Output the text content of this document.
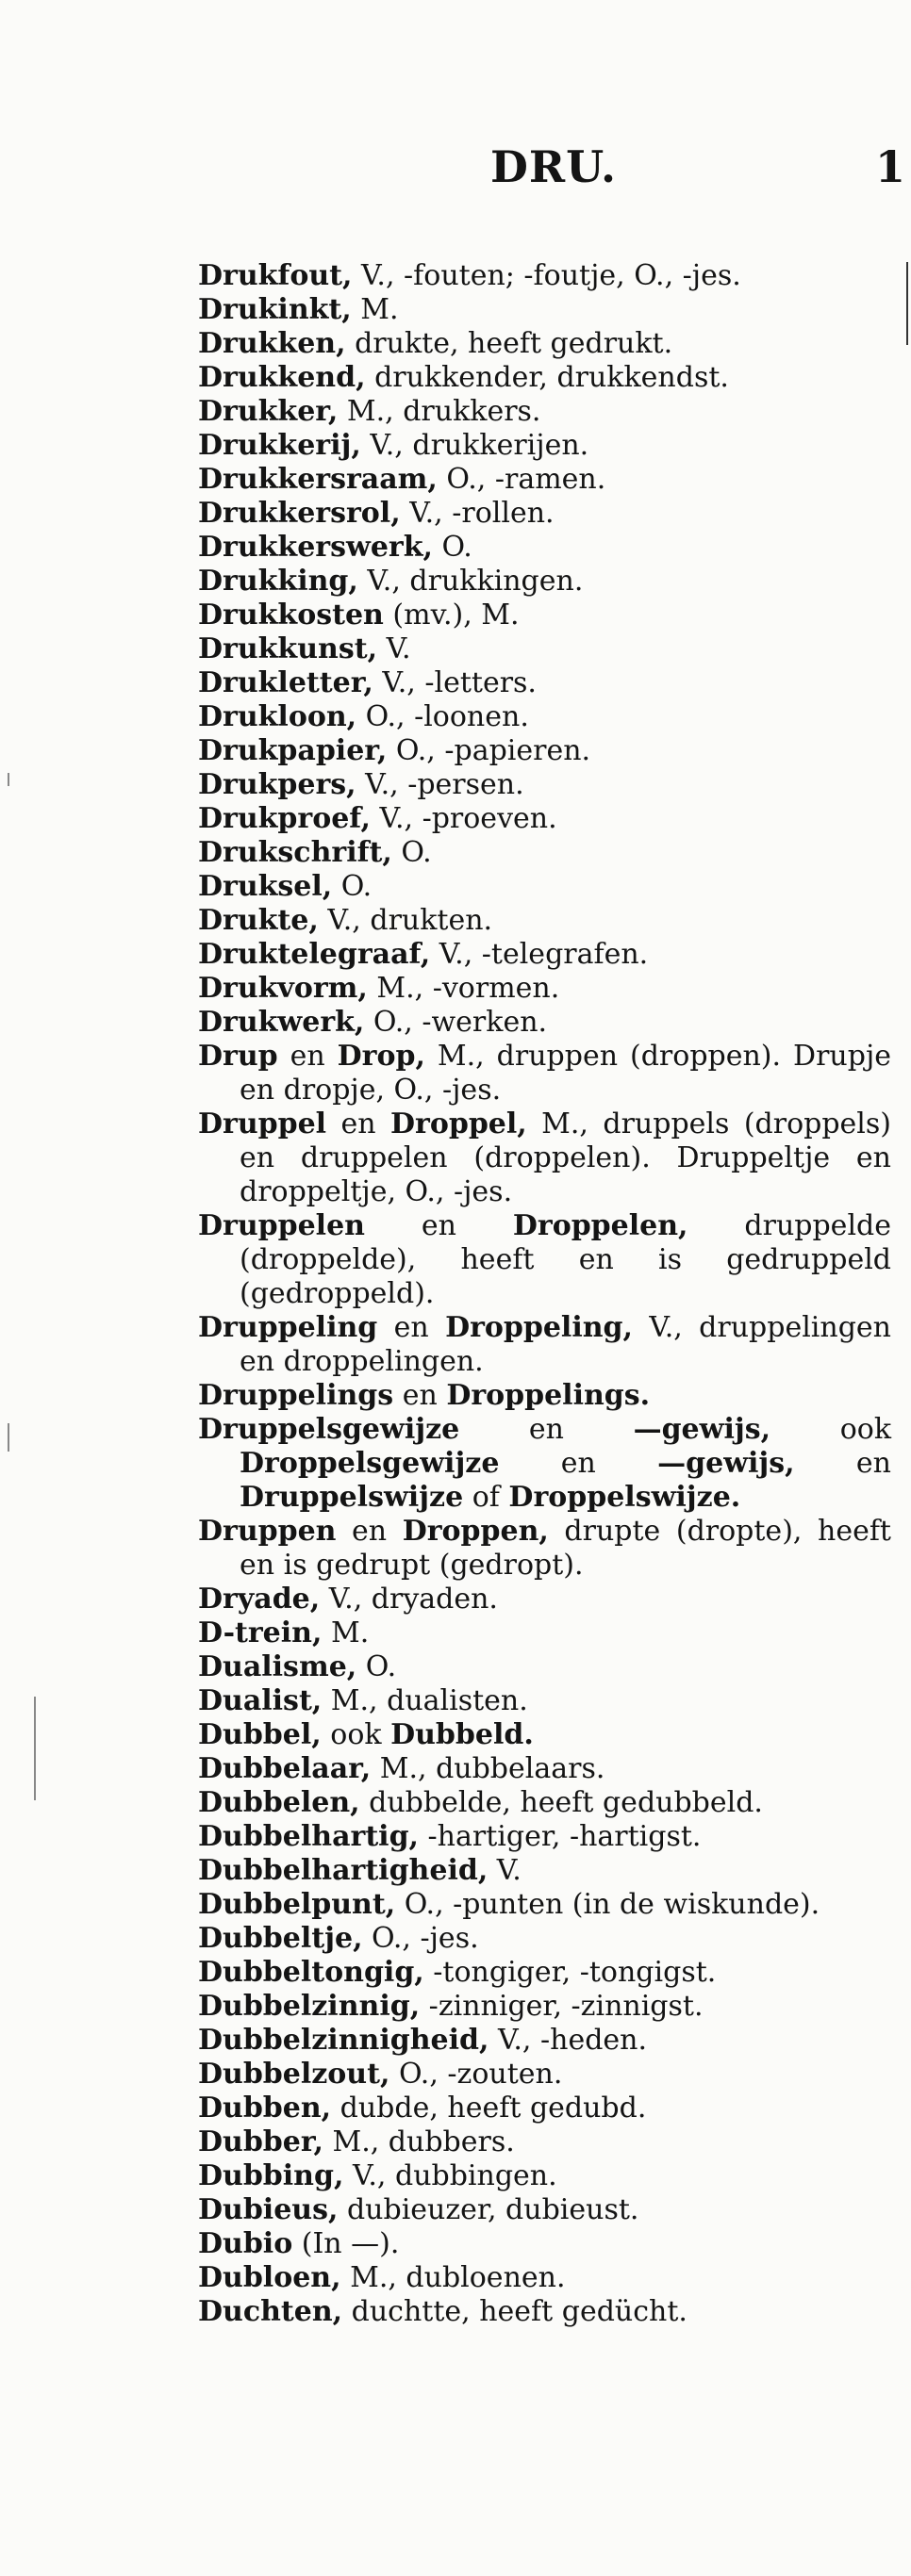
DRU.	1

Drukfout, V., -fouten; -foutje, O., -jes.

Drukinkt, M.

Drukken, drukte, heeft gedrukt.

Drukkend, drukkender, drukkendst.

Drukker, M., drukkers.

Drukkerij, V., drukkerijen.

Drukkersraam, O., -ramen.

Drukkersrol, V., -rollen.

Drukkerswerk, O.

Drukking, V., drukkingen.

Drukkosten (mv.), M.

Drukkunst, V.

Drukletter, V., -letters.

Drukloon, O., -loonen.

Drukpapier, O., -papieren.

Drukpers, V., -persen.

Drukproef, V., -proeven.

Drukschrift, O.

Druksel, O.

Drukte, V., drukten.

Druktelegraaf, V., -telegrafen.

Drukvorm, M., -vormen.

Drukwerk, O., -werken.

Drup en Drop, M., druppen (droppen). Drupje en dropje, O., -jes.

Druppel en Droppel, M., druppels (droppels) en druppelen (droppelen). Druppeltje en droppeltje, O., -jes.

Druppelen en Droppelen, druppelde (droppelde), heeft en is gedruppeld (gedroppeld).

Druppeling en Droppeling, V., druppelingen en droppelingen.

Druppelings en Droppelings.

Druppelsgewijze en —gewijs, ook Droppelsgewijze en —gewijs, en Druppelswijze of Droppelswijze.

Druppen en Droppen, drupte (dropte), heeft en is gedrupt (gedropt).

Dryade, V., dryaden.

D-trein, M.

Dualisme, O.

Dualist, M., dualisten.

Dubbel, ook Dubbeld.

Dubbelaar, M., dubbelaars.

Dubbelen, dubbelde, heeft gedubbeld.

Dubbelhartig, -hartiger, -hartigst.

Dubbelhartigheid, V.

Dubbelpunt, O., -punten (in de wiskunde).

Dubbeltje, O., -jes.

Dubbeltongig, -tongiger, -tongigst.

Dubbelzinnig, -zinniger, -zinnigst.

Dubbelzinnigheid, V., -heden.

Dubbelzout, O., -zouten.

Dubben, dubde, heeft gedubd.

Dubber, M., dubbers.

Dubbing, V., dubbingen.

Dubieus, dubieuzer, dubieust.

Dubio (In —).

Dubloen, M., dubloenen.

Duchten, duchtte, heeft gedücht.
